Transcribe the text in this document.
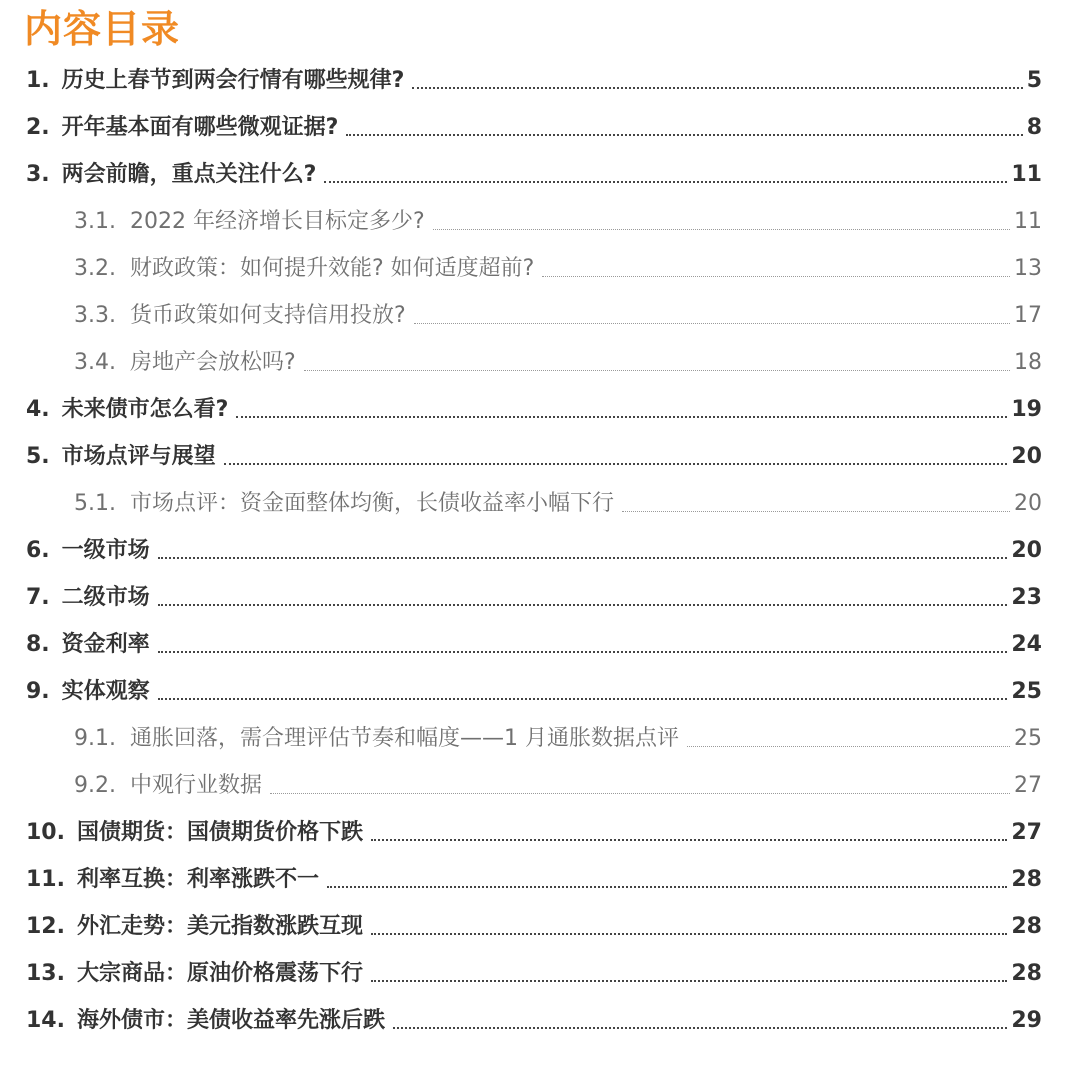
内容目录
1. 历史上春节到两会行情有哪些规律?	5
2. 开年基本面有哪些微观证据?	8
3. 两会前瞻，重点关注什么?	11
3.1. 2022 年经济增长目标定多少?	11
3.2. 财政政策：如何提升效能? 如何适度超前?	13
3.3. 货币政策如何支持信用投放?	17
3.4. 房地产会放松吗?	18
4. 未来债市怎么看?	19
5. 市场点评与展望	20
5.1. 市场点评：资金面整体均衡，长债收益率小幅下行	20
6. 一级市场	20
7. 二级市场	23
8. 资金利率	24
9. 实体观察	25
9.1. 通胀回落，需合理评估节奏和幅度——1 月通胀数据点评	25
9.2. 中观行业数据	27
10. 国债期货：国债期货价格下跌	27
11. 利率互换：利率涨跌不一	28
12. 外汇走势：美元指数涨跌互现	28
13. 大宗商品：原油价格震荡下行	28
14. 海外债市：美债收益率先涨后跌	29
